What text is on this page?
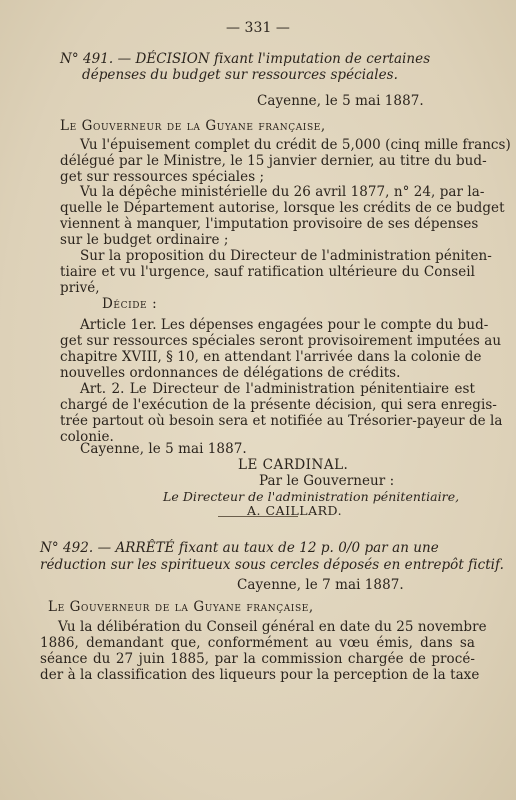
— 331 —
N° 491. — DÉCISION fixant l'imputation de certaines
dépenses du budget sur ressources spéciales.
Cayenne, le 5 mai 1887.
Le Gouverneur de la Guyane française,
Vu l'épuisement complet du crédit de 5,000 (cinq mille francs)
délégué par le Ministre, le 15 janvier dernier, au titre du bud-
get sur ressources spéciales ;
Vu la dépêche ministérielle du 26 avril 1877, n° 24, par la-
quelle le Département autorise, lorsque les crédits de ce budget
viennent à manquer, l'imputation provisoire de ses dépenses
sur le budget ordinaire ;
Sur la proposition du Directeur de l'administration péniten-
tiaire et vu l'urgence, sauf ratification ultérieure du Conseil
privé,
Décide :
Article 1er. Les dépenses engagées pour le compte du bud-
get sur ressources spéciales seront provisoirement imputées au
chapitre XVIII, § 10, en attendant l'arrivée dans la colonie de
nouvelles ordonnances de délégations de crédits.
Art. 2. Le Directeur de l'administration pénitentiaire est
chargé de l'exécution de la présente décision, qui sera enregis-
trée partout où besoin sera et notifiée au Trésorier-payeur de la
colonie.
Cayenne, le 5 mai 1887.
LE CARDINAL.
Par le Gouverneur :
Le Directeur de l'administration pénitentiaire,
A. CAILLARD.
N° 492. — ARRÊTÉ fixant au taux de 12 p. 0/0 par an une
réduction sur les spiritueux sous cercles déposés en entrepôt fictif.
Cayenne, le 7 mai 1887.
Le Gouverneur de la Guyane française,
Vu la délibération du Conseil général en date du 25 novembre
1886, demandant que, conformément au vœu émis, dans sa
séance du 27 juin 1885, par la commission chargée de procé-
der à la classification des liqueurs pour la perception de la taxe
